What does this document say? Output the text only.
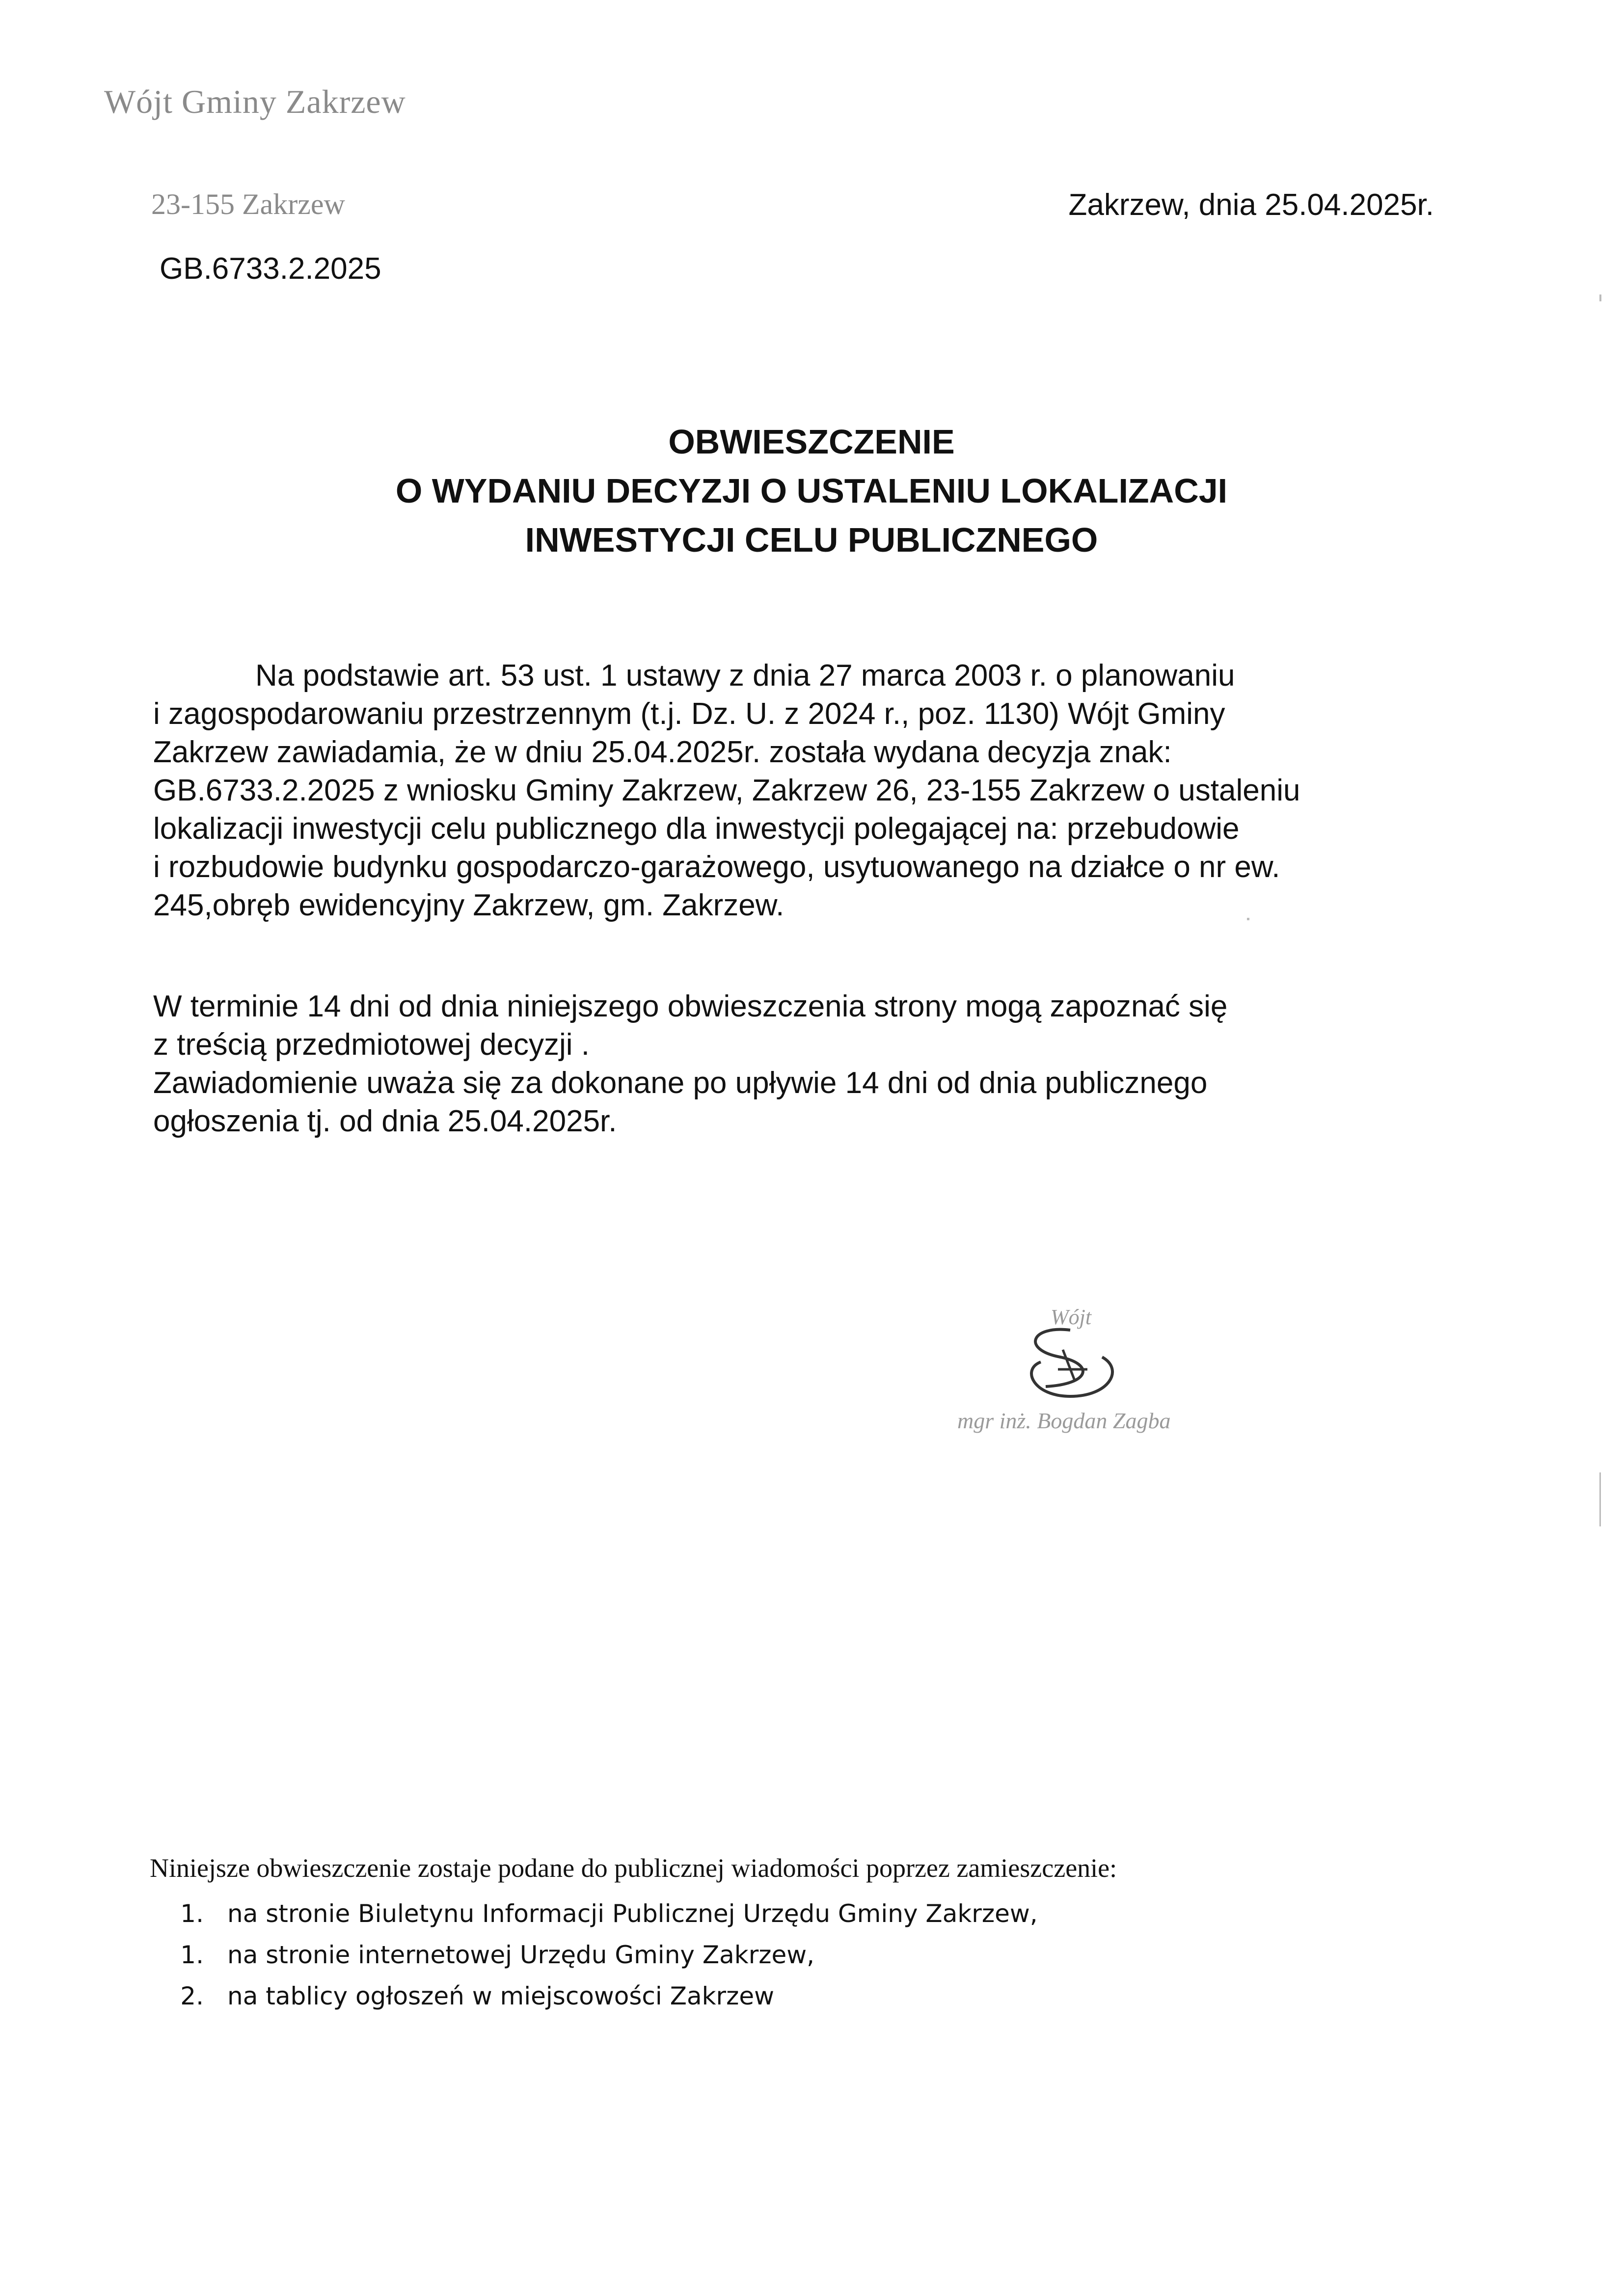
Wójt Gminy Zakrzew
23-155 Zakrzew	Zakrzew, dnia 25.04.2025r.
GB.6733.2.2025
OBWIESZCZENIE
O WYDANIU DECYZJI O USTALENIU LOKALIZACJI
INWESTYCJI CELU PUBLICZNEGO
Na podstawie art. 53 ust. 1 ustawy z dnia 27 marca 2003 r. o planowaniu
i zagospodarowaniu przestrzennym (t.j. Dz. U. z 2024 r., poz. 1130) Wójt Gminy
Zakrzew zawiadamia, że w dniu 25.04.2025r. została wydana decyzja znak:
GB.6733.2.2025 z wniosku Gminy Zakrzew, Zakrzew 26, 23-155 Zakrzew o ustaleniu
lokalizacji inwestycji celu publicznego dla inwestycji polegającej na: przebudowie
i rozbudowie budynku gospodarczo-garażowego, usytuowanego na działce o nr ew.
245,obręb ewidencyjny Zakrzew, gm. Zakrzew.
W terminie 14 dni od dnia niniejszego obwieszczenia strony mogą zapoznać się
z treścią przedmiotowej decyzji .
Zawiadomienie uważa się za dokonane po upływie 14 dni od dnia publicznego
ogłoszenia tj. od dnia 25.04.2025r.
Wójt
mgr inż. Bogdan Zagba
Niniejsze obwieszczenie zostaje podane do publicznej wiadomości poprzez zamieszczenie:
1. na stronie Biuletynu Informacji Publicznej Urzędu Gminy Zakrzew,
1. na stronie internetowej Urzędu Gminy Zakrzew,
2. na tablicy ogłoszeń w miejscowości Zakrzew
